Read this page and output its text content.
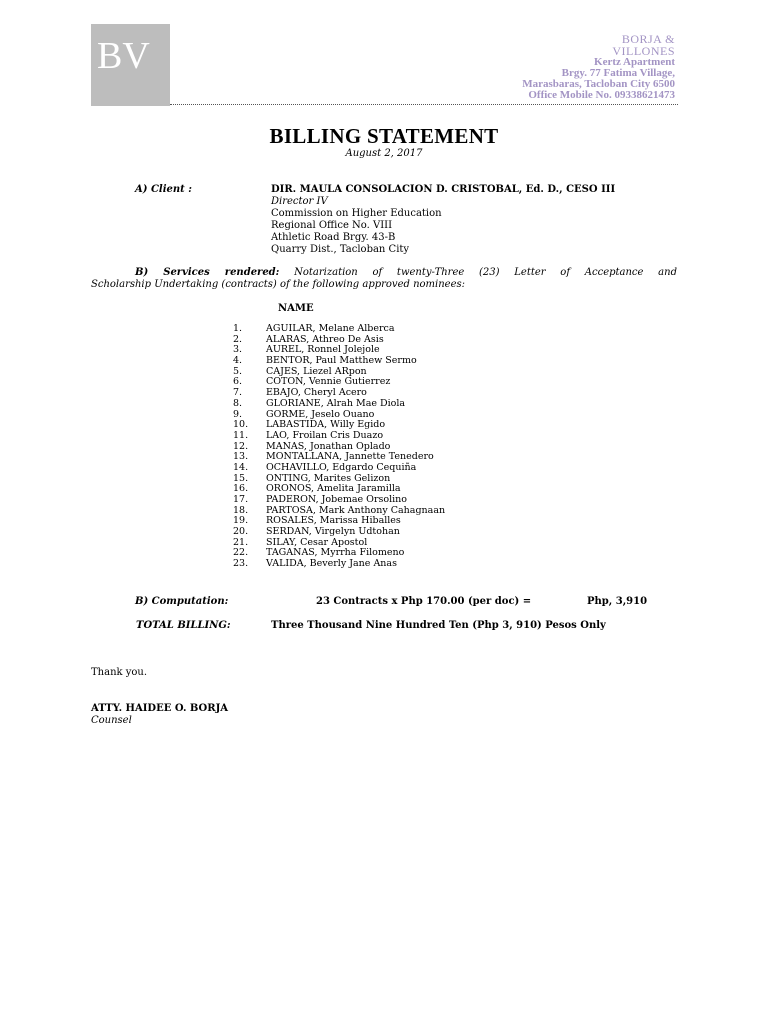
BV	BORJA &
VILLONES
Kertz Apartment
Brgy. 77 Fatima Village,
Marasbaras, Tacloban City 6500
Office Mobile No. 09338621473
BILLING STATEMENT
August 2, 2017
A) Client :	DIR. MAULA CONSOLACION D. CRISTOBAL, Ed. D., CESO III
Director IV
Commission on Higher Education
Regional Office No. VIII
Athletic Road Brgy. 43-B
Quarry Dist., Tacloban City
B) Services rendered: Notarization of twenty-Three (23) Letter of Acceptance and
Scholarship Undertaking (contracts) of the following approved nominees:
NAME
1.	AGUILAR, Melane Alberca
2.	ALARAS, Athreo De Asis
3.	AUREL, Ronnel Jolejole
4.	BENTOR, Paul Matthew Sermo
5.	CAJES, Liezel ARpon
6.	COTON, Vennie Gutierrez
7.	EBAJO, Cheryl Acero
8.	GLORIANE, Alrah Mae Diola
9.	GORME, Jeselo Ouano
10.	LABASTIDA, Willy Egido
11.	LAO, Froilan Cris Duazo
12.	MANAS, Jonathan Oplado
13.	MONTALLANA, Jannette Tenedero
14.	OCHAVILLO, Edgardo Cequiña
15.	ONTING, Marites Gelizon
16.	ORONOS, Amelita Jaramilla
17.	PADERON, Jobemae Orsolino
18.	PARTOSA, Mark Anthony Cahagnaan
19.	ROSALES, Marissa Hiballes
20.	SERDAN, Virgelyn Udtohan
21.	SILAY, Cesar Apostol
22.	TAGANAS, Myrrha Filomeno
23.	VALIDA, Beverly Jane Anas
B) Computation:	23 Contracts x Php 170.00 (per doc) =	Php, 3,910
TOTAL BILLING:	Three Thousand Nine Hundred Ten (Php 3, 910) Pesos Only
Thank you.
ATTY. HAIDEE O. BORJA
Counsel
